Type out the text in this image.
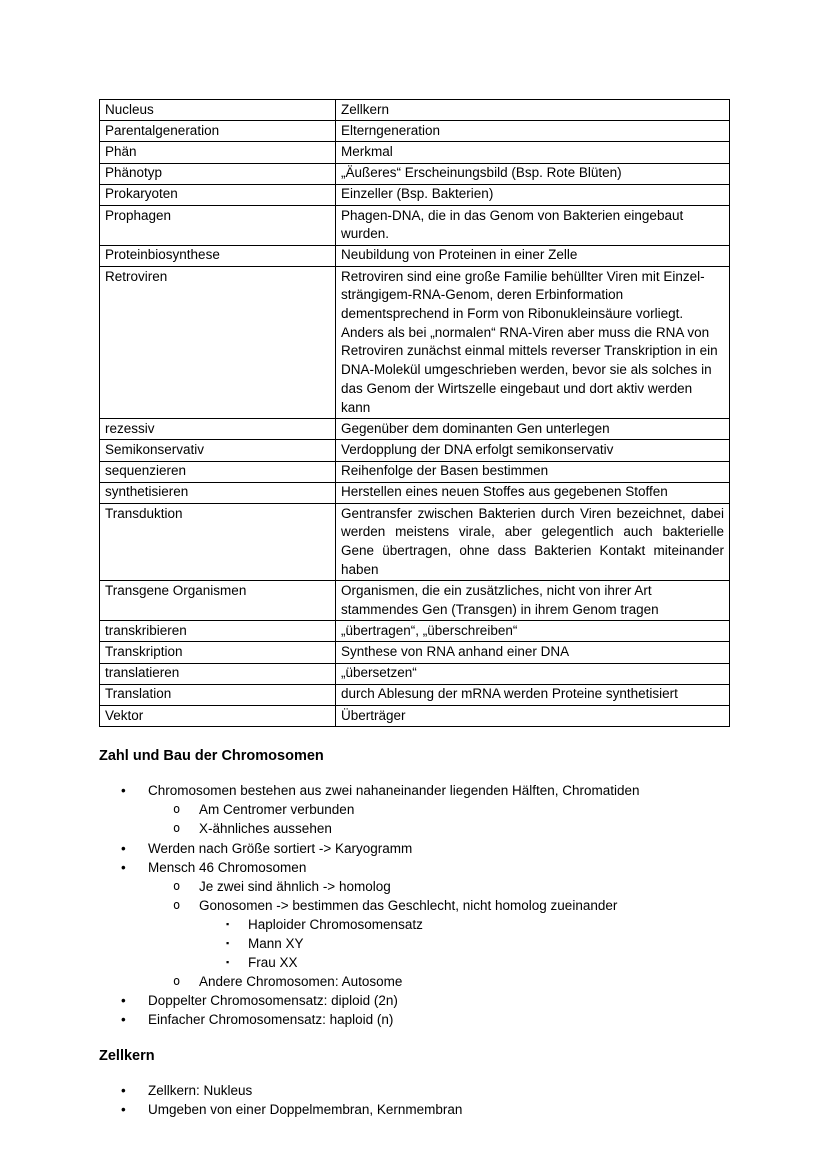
Nucleus	Zellkern
Parentalgeneration	Elterngeneration
Phän	Merkmal
Phänotyp	„Äußeres“ Erscheinungsbild (Bsp. Rote Blüten)
Prokaryoten	Einzeller (Bsp. Bakterien)
Prophagen	Phagen-DNA, die in das Genom von Bakterien eingebaut wurden.
Proteinbiosynthese	Neubildung von Proteinen in einer Zelle
Retroviren	Retroviren sind eine große Familie behüllter Viren mit Einzel-strängigem-RNA-Genom, deren Erbinformation dementsprechend in Form von Ribonukleinsäure vorliegt. Anders als bei „normalen“ RNA-Viren aber muss die RNA von Retroviren zunächst einmal mittels reverser Transkription in ein DNA-Molekül umgeschrieben werden, bevor sie als solches in das Genom der Wirtszelle eingebaut und dort aktiv werden kann
rezessiv	Gegenüber dem dominanten Gen unterlegen
Semikonservativ	Verdopplung der DNA erfolgt semikonservativ
sequenzieren	Reihenfolge der Basen bestimmen
synthetisieren	Herstellen eines neuen Stoffes aus gegebenen Stoffen
Transduktion	Gentransfer zwischen Bakterien durch Viren bezeichnet, dabei werden meistens virale, aber gelegentlich auch bakterielle Gene übertragen, ohne dass Bakterien Kontakt miteinander haben
Transgene Organismen	Organismen, die ein zusätzliches, nicht von ihrer Art stammendes Gen (Transgen) in ihrem Genom tragen
transkribieren	„übertragen“, „überschreiben“
Transkription	Synthese von RNA anhand einer DNA
translatieren	„übersetzen“
Translation	durch Ablesung der mRNA werden Proteine synthetisiert
Vektor	Überträger
Zahl und Bau der Chromosomen
• Chromosomen bestehen aus zwei nahaneinander liegenden Hälften, Chromatiden
o Am Centromer verbunden
o X-ähnliches aussehen
• Werden nach Größe sortiert -> Karyogramm
• Mensch 46 Chromosomen
o Je zwei sind ähnlich -> homolog
o Gonosomen -> bestimmen das Geschlecht, nicht homolog zueinander
▪ Haploider Chromosomensatz
▪ Mann XY
▪ Frau XX
o Andere Chromosomen: Autosome
• Doppelter Chromosomensatz: diploid (2n)
• Einfacher Chromosomensatz: haploid (n)
Zellkern
• Zellkern: Nukleus
• Umgeben von einer Doppelmembran, Kernmembran
